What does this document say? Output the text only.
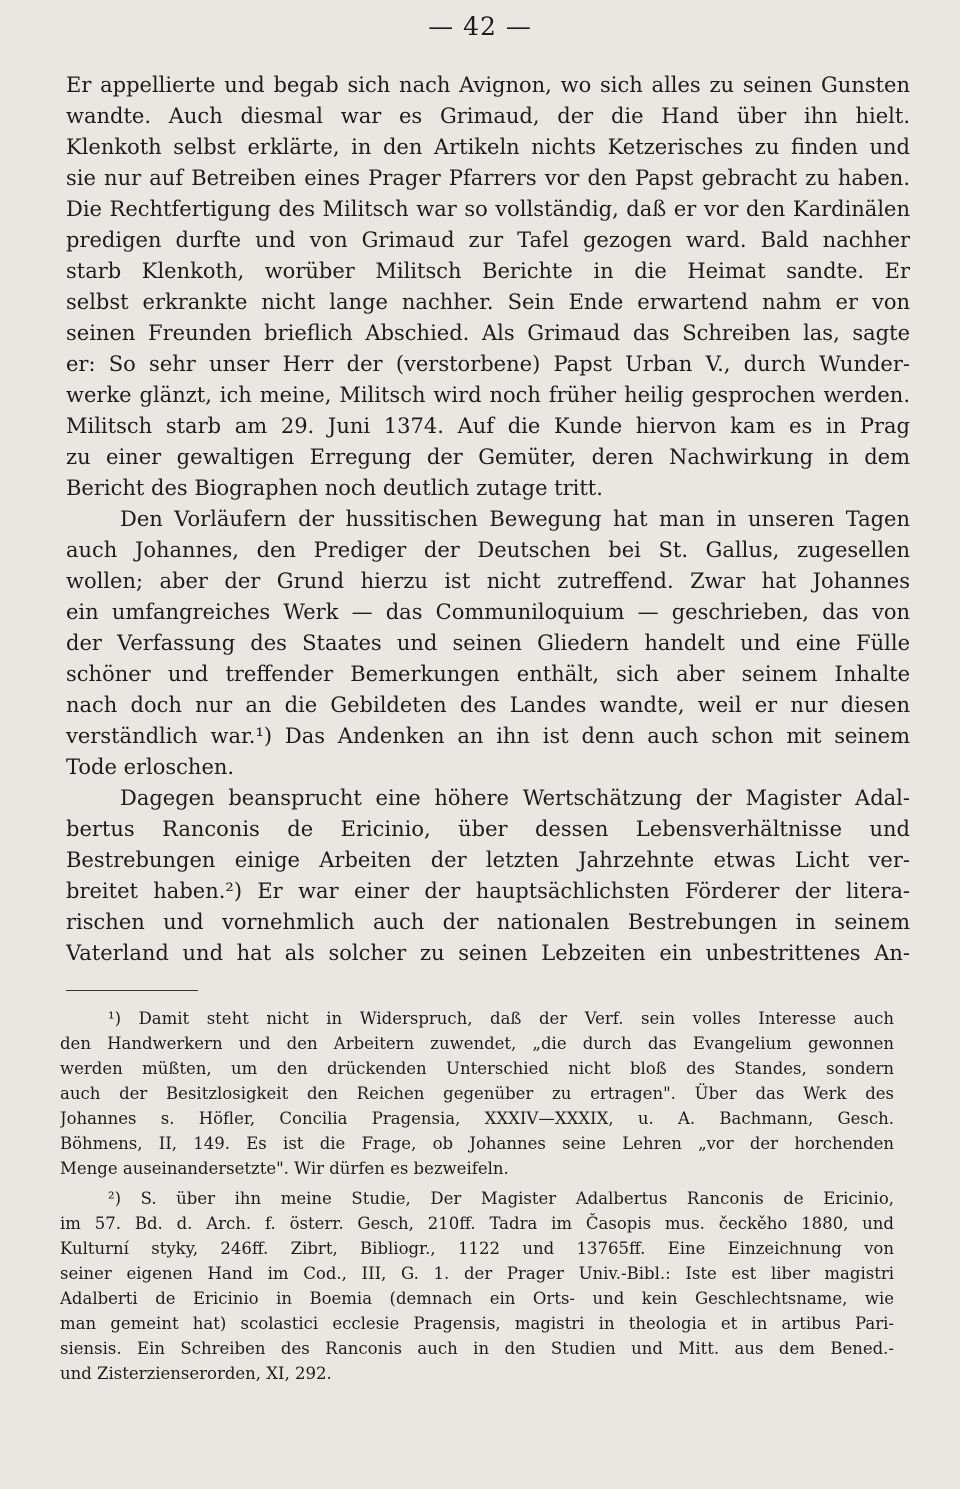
— 42 —
Er appellierte und begab sich nach Avignon, wo sich alles zu seinen Gunsten
wandte. Auch diesmal war es Grimaud, der die Hand über ihn hielt.
Klenkoth selbst erklärte, in den Artikeln nichts Ketzerisches zu finden und
sie nur auf Betreiben eines Prager Pfarrers vor den Papst gebracht zu haben.
Die Rechtfertigung des Militsch war so vollständig, daß er vor den Kardinälen
predigen durfte und von Grimaud zur Tafel gezogen ward. Bald nachher
starb Klenkoth, worüber Militsch Berichte in die Heimat sandte. Er
selbst erkrankte nicht lange nachher. Sein Ende erwartend nahm er von
seinen Freunden brieflich Abschied. Als Grimaud das Schreiben las, sagte
er: So sehr unser Herr der (verstorbene) Papst Urban V., durch Wunder-
werke glänzt, ich meine, Militsch wird noch früher heilig gesprochen werden.
Militsch starb am 29. Juni 1374. Auf die Kunde hiervon kam es in Prag
zu einer gewaltigen Erregung der Gemüter, deren Nachwirkung in dem
Bericht des Biographen noch deutlich zutage tritt.
Den Vorläufern der hussitischen Bewegung hat man in unseren Tagen
auch Johannes, den Prediger der Deutschen bei St. Gallus, zugesellen
wollen; aber der Grund hierzu ist nicht zutreffend. Zwar hat Johannes
ein umfangreiches Werk — das Communiloquium — geschrieben, das von
der Verfassung des Staates und seinen Gliedern handelt und eine Fülle
schöner und treffender Bemerkungen enthält, sich aber seinem Inhalte
nach doch nur an die Gebildeten des Landes wandte, weil er nur diesen
verständlich war.¹) Das Andenken an ihn ist denn auch schon mit seinem
Tode erloschen.
Dagegen beansprucht eine höhere Wertschätzung der Magister Adal-
bertus Ranconis de Ericinio, über dessen Lebensverhältnisse und
Bestrebungen einige Arbeiten der letzten Jahrzehnte etwas Licht ver-
breitet haben.²) Er war einer der hauptsächlichsten Förderer der litera-
rischen und vornehmlich auch der nationalen Bestrebungen in seinem
Vaterland und hat als solcher zu seinen Lebzeiten ein unbestrittenes An-
¹) Damit steht nicht in Widerspruch, daß der Verf. sein volles Interesse auch
den Handwerkern und den Arbeitern zuwendet, „die durch das Evangelium gewonnen
werden müßten, um den drückenden Unterschied nicht bloß des Standes, sondern
auch der Besitzlosigkeit den Reichen gegenüber zu ertragen". Über das Werk des
Johannes s. Höfler, Concilia Pragensia, XXXIV—XXXIX, u. A. Bachmann, Gesch.
Böhmens, II, 149. Es ist die Frage, ob Johannes seine Lehren „vor der horchenden
Menge auseinandersetzte". Wir dürfen es bezweifeln.
²) S. über ihn meine Studie, Der Magister Adalbertus Ranconis de Ericinio,
im 57. Bd. d. Arch. f. österr. Gesch, 210ff. Tadra im Časopis mus. čeckěho 1880, und
Kulturní styky, 246ff. Zibrt, Bibliogr., 1122 und 13765ff. Eine Einzeichnung von
seiner eigenen Hand im Cod., III, G. 1. der Prager Univ.-Bibl.: Iste est liber magistri
Adalberti de Ericinio in Boemia (demnach ein Orts- und kein Geschlechtsname, wie
man gemeint hat) scolastici ecclesie Pragensis, magistri in theologia et in artibus Pari-
siensis. Ein Schreiben des Ranconis auch in den Studien und Mitt. aus dem Bened.-
und Zisterzienserorden, XI, 292.
